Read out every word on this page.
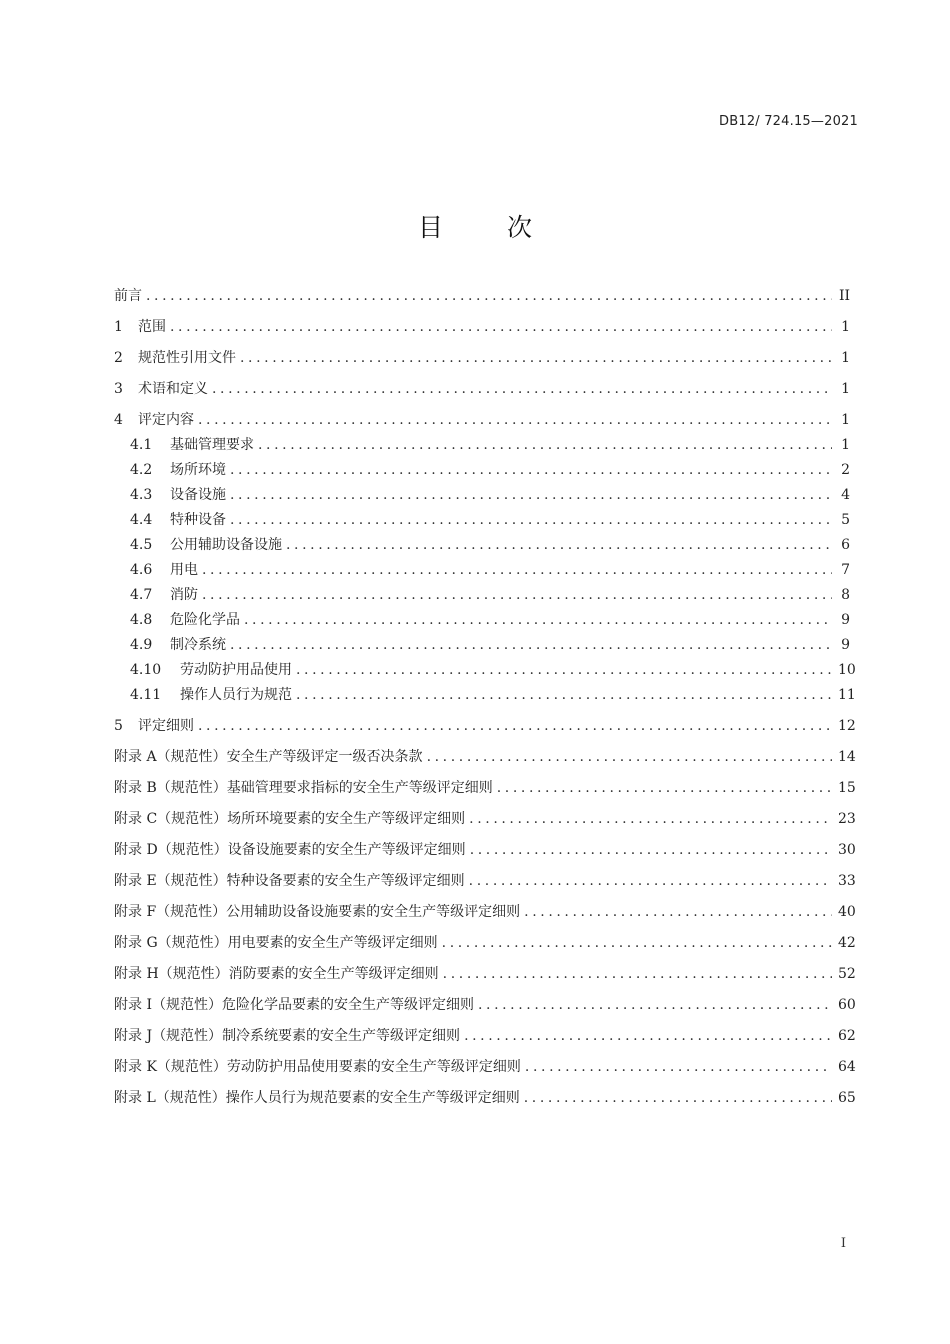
DB12/ 724.15—2021
目 次
前言 .....	II
1	范围 .....	1
2	规范性引用文件 .....	1
3	术语和定义 .....	1
4	评定内容 .....	1
4.1	基础管理要求 .....	1
4.2	场所环境 .....	2
4.3	设备设施 .....	4
4.4	特种设备 .....	5
4.5	公用辅助设备设施 .....	6
4.6	用电 .....	7
4.7	消防 .....	8
4.8	危险化学品 .....	9
4.9	制冷系统 .....	9
4.10	劳动防护用品使用 .....	10
4.11	操作人员行为规范 .....	11
5	评定细则 .....	12
附录 A （规范性） 安全生产等级评定一级否决条款 .....	14
附录 B （规范性） 基础管理要求指标的安全生产等级评定细则 .....	15
附录 C （规范性） 场所环境要素的安全生产等级评定细则 .....	23
附录 D （规范性） 设备设施要素的安全生产等级评定细则 .....	30
附录 E （规范性） 特种设备要素的安全生产等级评定细则 .....	33
附录 F （规范性） 公用辅助设备设施要素的安全生产等级评定细则 .....	40
附录 G （规范性） 用电要素的安全生产等级评定细则 .....	42
附录 H （规范性） 消防要素的安全生产等级评定细则 .....	52
附录 I （规范性） 危险化学品要素的安全生产等级评定细则 .....	60
附录 J （规范性） 制冷系统要素的安全生产等级评定细则 .....	62
附录 K （规范性） 劳动防护用品使用要素的安全生产等级评定细则 .....	64
附录 L （规范性） 操作人员行为规范要素的安全生产等级评定细则 .....	65
I
